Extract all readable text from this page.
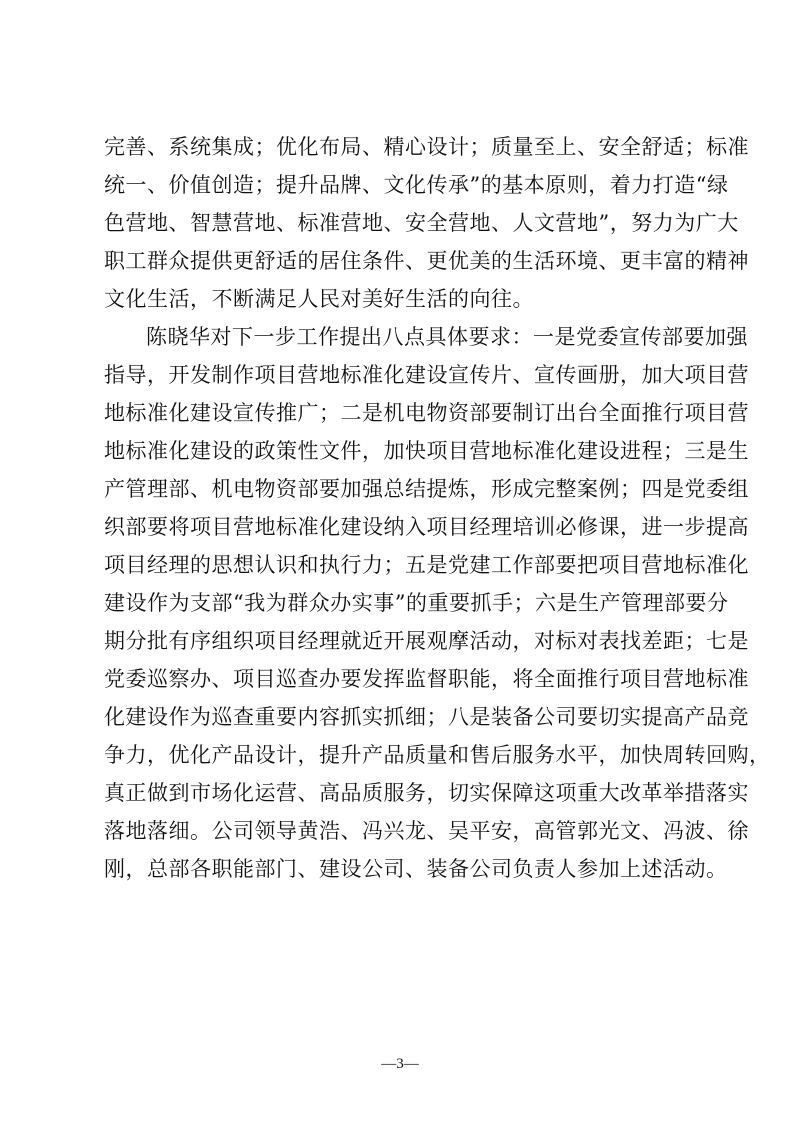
完善、系统集成；优化布局、精心设计；质量至上、安全舒适；标准
统一、价值创造；提升品牌、文化传承”的基本原则，着力打造“绿
色营地、智慧营地、标准营地、安全营地、人文营地”，努力为广大
职工群众提供更舒适的居住条件、更优美的生活环境、更丰富的精神
文化生活，不断满足人民对美好生活的向往。
陈晓华对下一步工作提出八点具体要求：一是党委宣传部要加强
指导，开发制作项目营地标准化建设宣传片、宣传画册，加大项目营
地标准化建设宣传推广；二是机电物资部要制订出台全面推行项目营
地标准化建设的政策性文件，加快项目营地标准化建设进程；三是生
产管理部、机电物资部要加强总结提炼，形成完整案例；四是党委组
织部要将项目营地标准化建设纳入项目经理培训必修课，进一步提高
项目经理的思想认识和执行力；五是党建工作部要把项目营地标准化
建设作为支部“我为群众办实事”的重要抓手；六是生产管理部要分
期分批有序组织项目经理就近开展观摩活动，对标对表找差距；七是
党委巡察办、项目巡查办要发挥监督职能，将全面推行项目营地标准
化建设作为巡查重要内容抓实抓细；八是装备公司要切实提高产品竞
争力，优化产品设计，提升产品质量和售后服务水平，加快周转回购，
真正做到市场化运营、高品质服务，切实保障这项重大改革举措落实
落地落细。公司领导黄浩、冯兴龙、吴平安，高管郭光文、冯波、徐
刚，总部各职能部门、建设公司、装备公司负责人参加上述活动。
—3—
